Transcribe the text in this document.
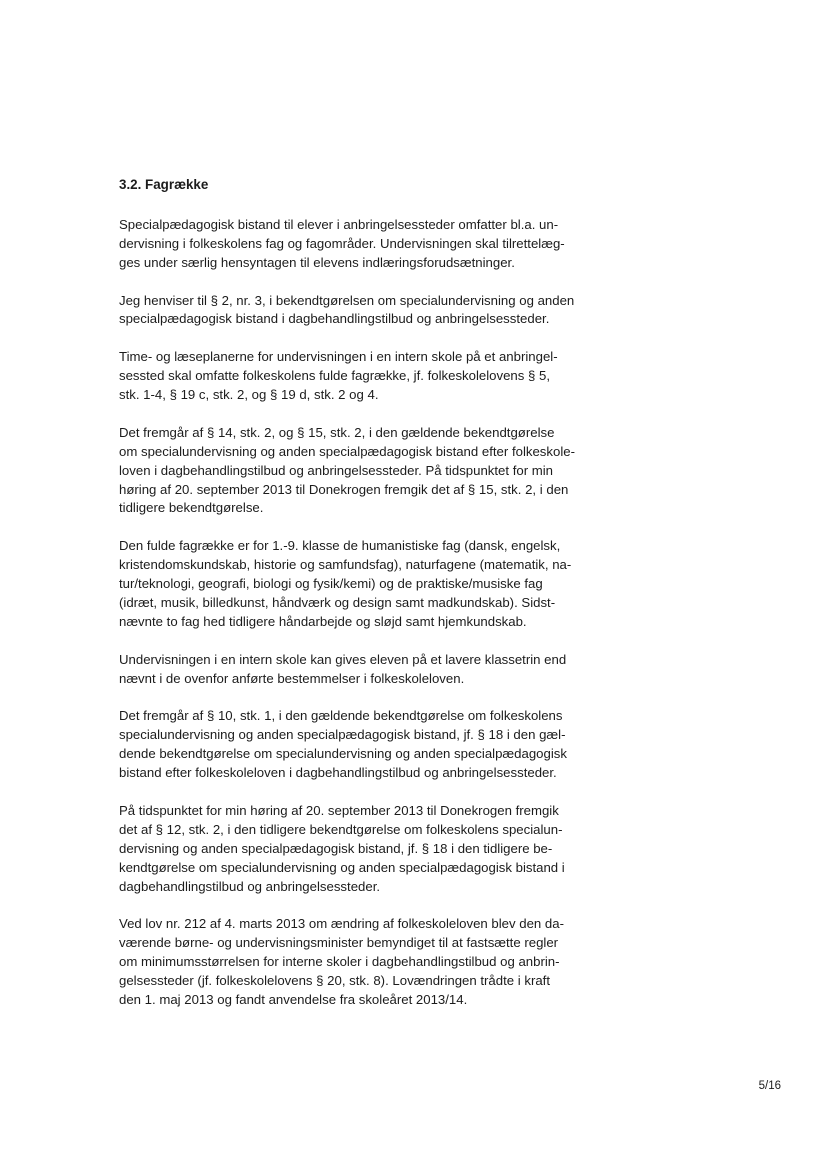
3.2. Fagrække
Specialpædagogisk bistand til elever i anbringelsessteder omfatter bl.a. un-
dervisning i folkeskolens fag og fagområder. Undervisningen skal tilrettelæg-
ges under særlig hensyntagen til elevens indlæringsforudsætninger.
Jeg henviser til § 2, nr. 3, i bekendtgørelsen om specialundervisning og anden
specialpædagogisk bistand i dagbehandlingstilbud og anbringelsessteder.
Time- og læseplanerne for undervisningen i en intern skole på et anbringel-
sessted skal omfatte folkeskolens fulde fagrække, jf. folkeskolelovens § 5,
stk. 1-4, § 19 c, stk. 2, og § 19 d, stk. 2 og 4.
Det fremgår af § 14, stk. 2, og § 15, stk. 2, i den gældende bekendtgørelse
om specialundervisning og anden specialpædagogisk bistand efter folkeskole-
loven i dagbehandlingstilbud og anbringelsessteder. På tidspunktet for min
høring af 20. september 2013 til Donekrogen fremgik det af § 15, stk. 2, i den
tidligere bekendtgørelse.
Den fulde fagrække er for 1.-9. klasse de humanistiske fag (dansk, engelsk,
kristendomskundskab, historie og samfundsfag), naturfagene (matematik, na-
tur/teknologi, geografi, biologi og fysik/kemi) og de praktiske/musiske fag
(idræt, musik, billedkunst, håndværk og design samt madkundskab). Sidst-
nævnte to fag hed tidligere håndarbejde og sløjd samt hjemkundskab.
Undervisningen i en intern skole kan gives eleven på et lavere klassetrin end
nævnt i de ovenfor anførte bestemmelser i folkeskoleloven.
Det fremgår af § 10, stk. 1, i den gældende bekendtgørelse om folkeskolens
specialundervisning og anden specialpædagogisk bistand, jf. § 18 i den gæl-
dende bekendtgørelse om specialundervisning og anden specialpædagogisk
bistand efter folkeskoleloven i dagbehandlingstilbud og anbringelsessteder.
På tidspunktet for min høring af 20. september 2013 til Donekrogen fremgik
det af § 12, stk. 2, i den tidligere bekendtgørelse om folkeskolens specialun-
dervisning og anden specialpædagogisk bistand, jf. § 18 i den tidligere be-
kendtgørelse om specialundervisning og anden specialpædagogisk bistand i
dagbehandlingstilbud og anbringelsessteder.
Ved lov nr. 212 af 4. marts 2013 om ændring af folkeskoleloven blev den da-
værende børne- og undervisningsminister bemyndiget til at fastsætte regler
om minimumsstørrelsen for interne skoler i dagbehandlingstilbud og anbrin-
gelsessteder (jf. folkeskolelovens § 20, stk. 8). Lovændringen trådte i kraft
den 1. maj 2013 og fandt anvendelse fra skoleåret 2013/14.
5/16
